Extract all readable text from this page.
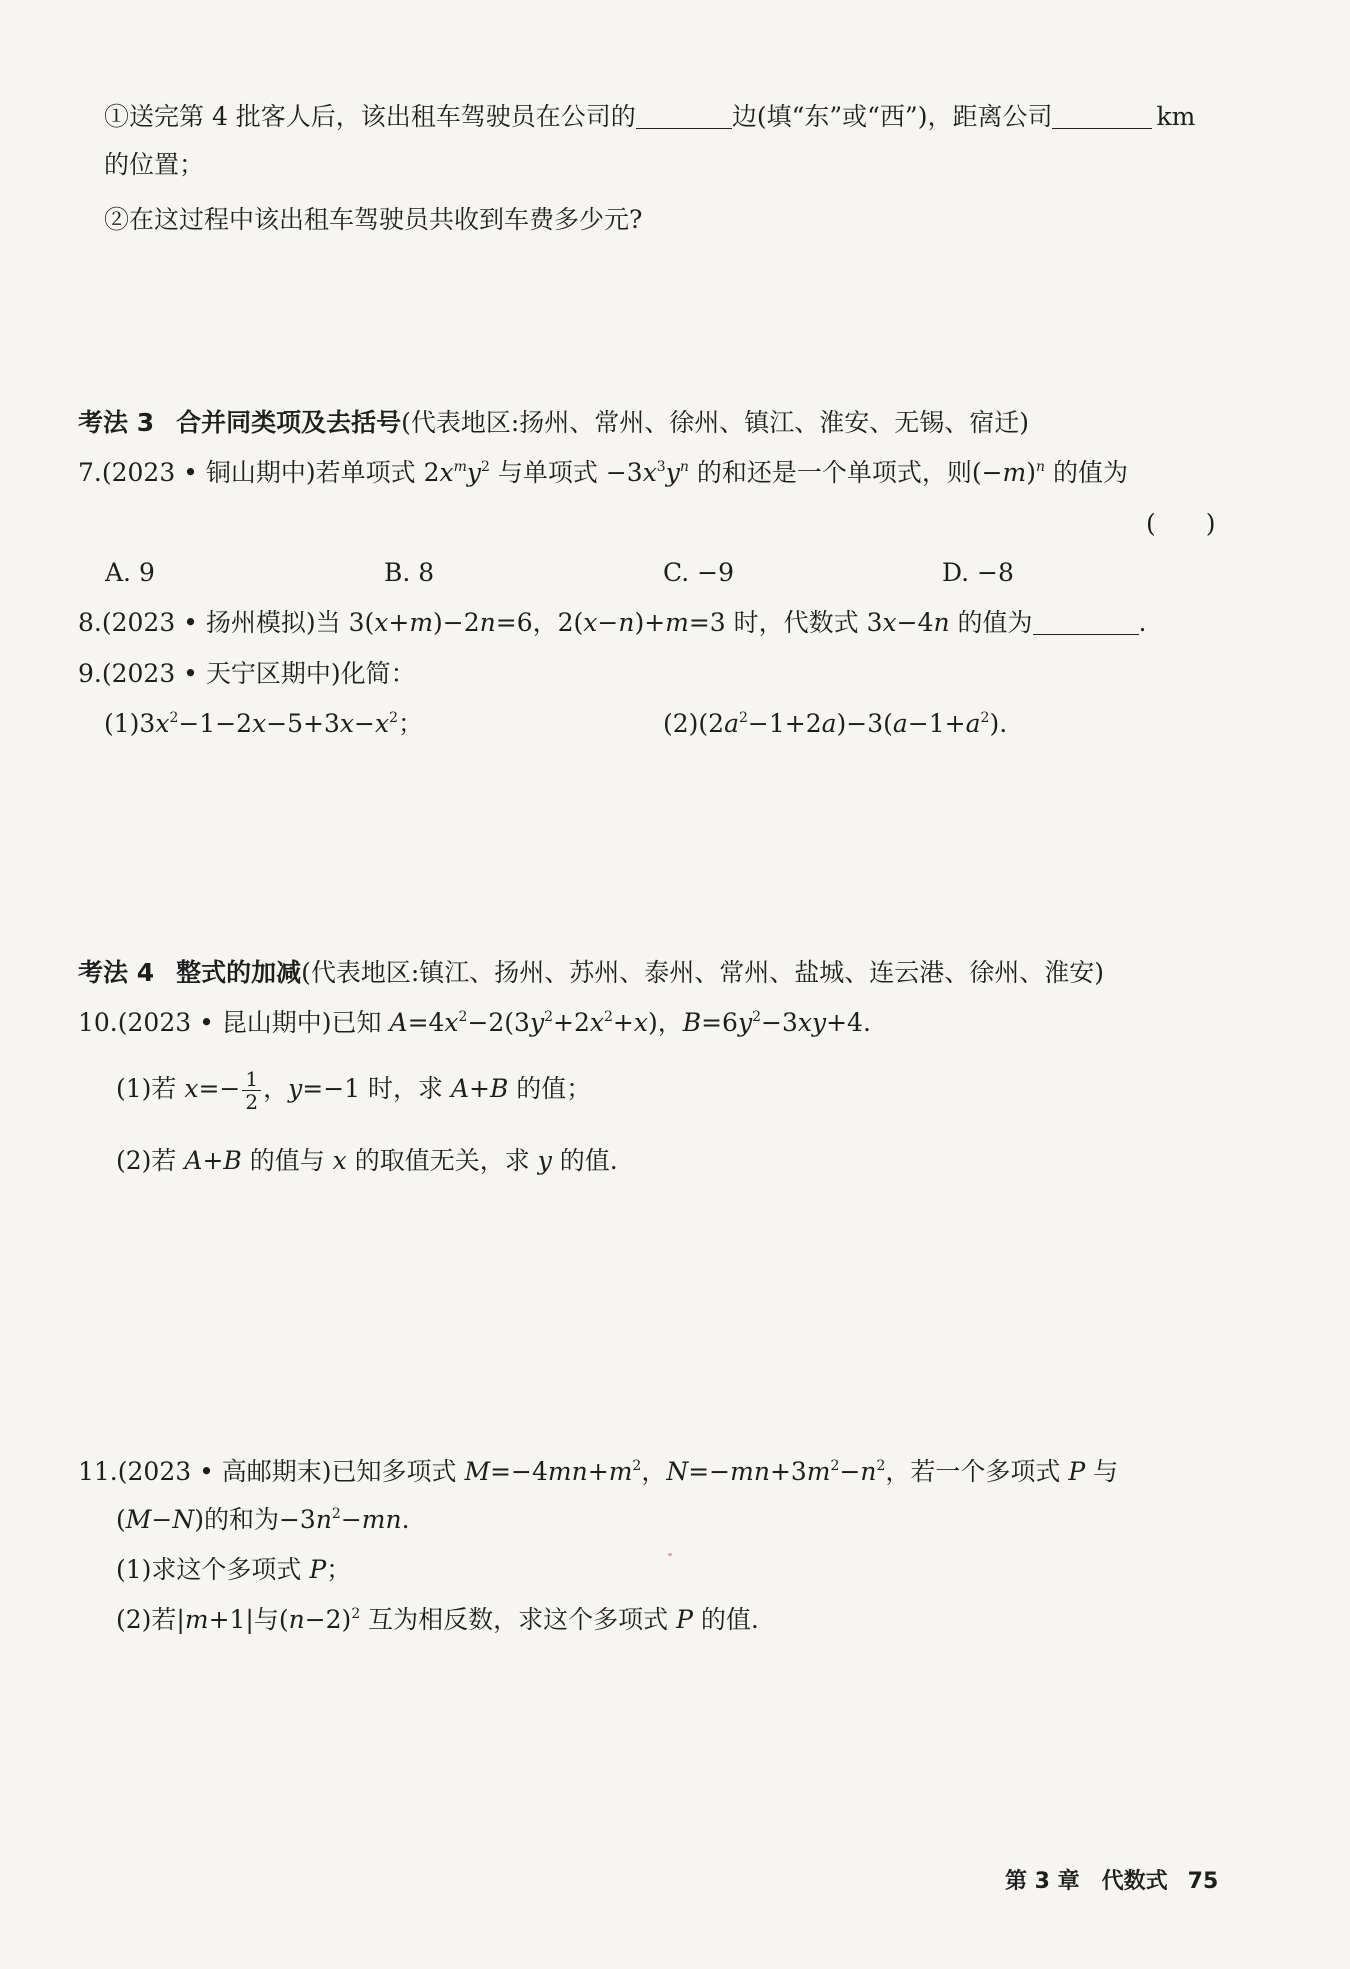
①送完第 4 批客人后，该出租车驾驶员在公司的	边(填“东”或“西”)，距离公司	km
的位置；
②在这过程中该出租车驾驶员共收到车费多少元?
考法 3 合并同类项及去括号(代表地区:扬州、常州、徐州、镇江、淮安、无锡、宿迁)
7.(2023 • 铜山期中)若单项式 $2x^my^2$ 与单项式 $-3x^3y^n$ 的和还是一个单项式，则$(-m)^n$ 的值为
(　　)
A. 9	B. 8	C. −9	D. −8
8.(2023 • 扬州模拟)当 3(x+m)−2n=6，2(x−n)+m=3 时，代数式 3x−4n 的值为	.
9.(2023 • 天宁区期中)化简：
$(1)3x^2-1-2x-5+3x-x^2$；	$(2)(2a^2-1+2a)-3(a-1+a^2)$.
考法 4 整式的加减(代表地区:镇江、扬州、苏州、泰州、常州、盐城、连云港、徐州、淮安)
10.(2023 • 昆山期中)已知 $A=4x^2-2(3y^2+2x^2+x)$，$B=6y^2-3xy+4$.
(1)若 $x=- \frac{1}{2}$ ，y=−1 时，求 A+B 的值；
(2)若 A+B 的值与 x 的取值无关，求 y 的值.
11.(2023 • 高邮期末)已知多项式 $M=-4mn+m^2$，$N=-mn+3m^2-n^2$，若一个多项式 P 与
(M−N)的和为$-3n^2-mn$.
(1)求这个多项式 P；
(2)若|m+1|与$(n-2)^2$ 互为相反数，求这个多项式 P 的值.
第 3 章 代数式 75
